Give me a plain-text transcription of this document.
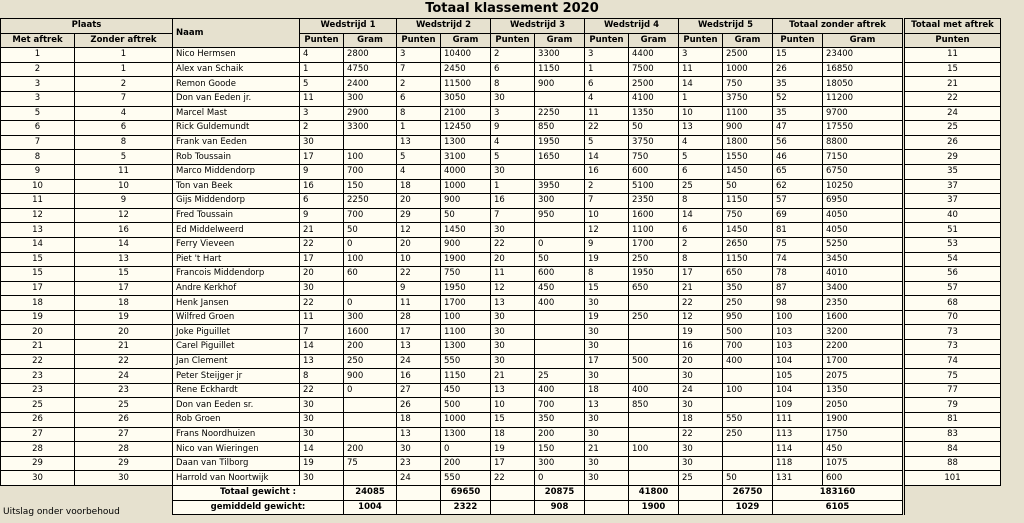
Totaal klassement 2020
Plaats		Naam	Wedstrijd 1		Wedstrijd 2		Wedstrijd 3		Wedstrijd 4		Wedstrijd 5		Totaal zonder aftrek			Totaal met aftrek
Met aftrek	Zonder aftrek		Punten	Gram	Punten	Gram	Punten	Gram	Punten	Gram	Punten	Gram	Punten	Gram		Punten
1	1	Nico Hermsen	4	2800	3	10400	2	3300	3	4400	3	2500	15	23400		11
2	1	Alex van Schaik	1	4750	7	2450	6	1150	1	7500	11	1000	26	16850		15
3	2	Remon Goode	5	2400	2	11500	8	900	6	2500	14	750	35	18050		21
3	7	Don van Eeden jr.	11	300	6	3050	30		4	4100	1	3750	52	11200		22
5	4	Marcel Mast	3	2900	8	2100	3	2250	11	1350	10	1100	35	9700		24
6	6	Rick Guldemundt	2	3300	1	12450	9	850	22	50	13	900	47	17550		25
7	8	Frank van Eeden	30		13	1300	4	1950	5	3750	4	1800	56	8800		26
8	5	Rob Toussain	17	100	5	3100	5	1650	14	750	5	1550	46	7150		29
9	11	Marco Middendorp	9	700	4	4000	30		16	600	6	1450	65	6750		35
10	10	Ton van Beek	16	150	18	1000	1	3950	2	5100	25	50	62	10250		37
11	9	Gijs Middendorp	6	2250	20	900	16	300	7	2350	8	1150	57	6950		37
12	12	Fred Toussain	9	700	29	50	7	950	10	1600	14	750	69	4050		40
13	16	Ed Middelweerd	21	50	12	1450	30		12	1100	6	1450	81	4050		51
14	14	Ferry Vieveen	22	0	20	900	22	0	9	1700	2	2650	75	5250		53
15	13	Piet 't Hart	17	100	10	1900	20	50	19	250	8	1150	74	3450		54
15	15	Francois Middendorp	20	60	22	750	11	600	8	1950	17	650	78	4010		56
17	17	Andre Kerkhof	30		9	1950	12	450	15	650	21	350	87	3400		57
18	18	Henk Jansen	22	0	11	1700	13	400	30		22	250	98	2350		68
19	19	Wilfred Groen	11	300	28	100	30		19	250	12	950	100	1600		70
20	20	Joke Piguillet	7	1600	17	1100	30		30		19	500	103	3200		73
21	21	Carel Piguillet	14	200	13	1300	30		30		16	700	103	2200		73
22	22	Jan Clement	13	250	24	550	30		17	500	20	400	104	1700		74
23	24	Peter Steijger jr	8	900	16	1150	21	25	30		30		105	2075		75
23	23	Rene Eckhardt	22	0	27	450	13	400	18	400	24	100	104	1350		77
25	25	Don van Eeden sr.	30		26	500	10	700	13	850	30		109	2050		79
26	26	Rob Groen	30		18	1000	15	350	30		18	550	111	1900		81
27	27	Frans Noordhuizen	30		13	1300	18	200	30		22	250	113	1750		83
28	28	Nico van Wieringen	14	200	30	0	19	150	21	100	30		114	450		84
29	29	Daan van Tilborg	19	75	23	200	17	300	30		30		118	1075		88
30	30	Harrold van Noortwijk	30		24	550	22	0	30		25	50	131	600		101
		Totaal gewicht :		24085		69650		20875		41800		26750	183160			
		gemiddeld gewicht:		1004		2322		908		1900		1029	6105			
Uitslag onder voorbehoud
